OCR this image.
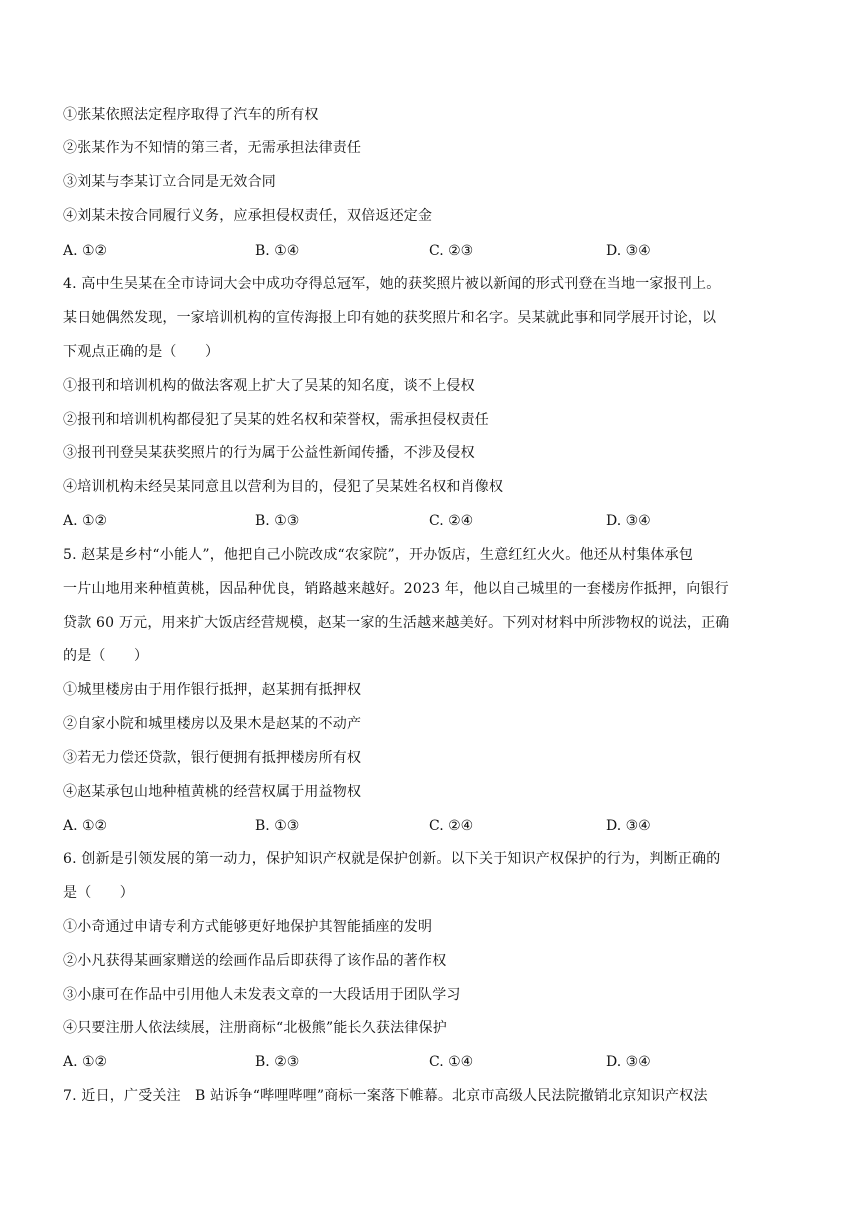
①张某依照法定程序取得了汽车的所有权
②张某作为不知情的第三者，无需承担法律责任
③刘某与李某订立合同是无效合同
④刘某未按合同履行义务，应承担侵权责任，双倍返还定金
A. ①②	B. ①④	C. ②③	D. ③④
4. 高中生吴某在全市诗词大会中成功夺得总冠军，她的获奖照片被以新闻的形式刊登在当地一家报刊上。
某日她偶然发现，一家培训机构的宣传海报上印有她的获奖照片和名字。吴某就此事和同学展开讨论，以
下观点正确的是（　　）
①报刊和培训机构的做法客观上扩大了吴某的知名度，谈不上侵权
②报刊和培训机构都侵犯了吴某的姓名权和荣誉权，需承担侵权责任
③报刊刊登吴某获奖照片的行为属于公益性新闻传播，不涉及侵权
④培训机构未经吴某同意且以营利为目的，侵犯了吴某姓名权和肖像权
A. ①②	B. ①③	C. ②④	D. ③④
5. 赵某是乡村“小能人”，他把自己小院改成“农家院”，开办饭店，生意红红火火。他还从村集体承包
一片山地用来种植黄桃，因品种优良，销路越来越好。2023 年，他以自己城里的一套楼房作抵押，向银行
贷款 60 万元，用来扩大饭店经营规模，赵某一家的生活越来越美好。下列对材料中所涉物权的说法，正确
的是（　　）
①城里楼房由于用作银行抵押，赵某拥有抵押权
②自家小院和城里楼房以及果木是赵某的不动产
③若无力偿还贷款，银行便拥有抵押楼房所有权
④赵某承包山地种植黄桃的经营权属于用益物权
A. ①②	B. ①③	C. ②④	D. ③④
6. 创新是引领发展的第一动力，保护知识产权就是保护创新。以下关于知识产权保护的行为，判断正确的
是（　　）
①小奇通过申请专利方式能够更好地保护其智能插座的发明
②小凡获得某画家赠送的绘画作品后即获得了该作品的著作权
③小康可在作品中引用他人未发表文章的一大段话用于团队学习
④只要注册人依法续展，注册商标“北极熊”能长久获法律保护
A. ①②	B. ②③	C. ①④	D. ③④
7. 近日，广受关注　B 站诉争“哔哩哔哩”商标一案落下帷幕。北京市高级人民法院撤销北京知识产权法
